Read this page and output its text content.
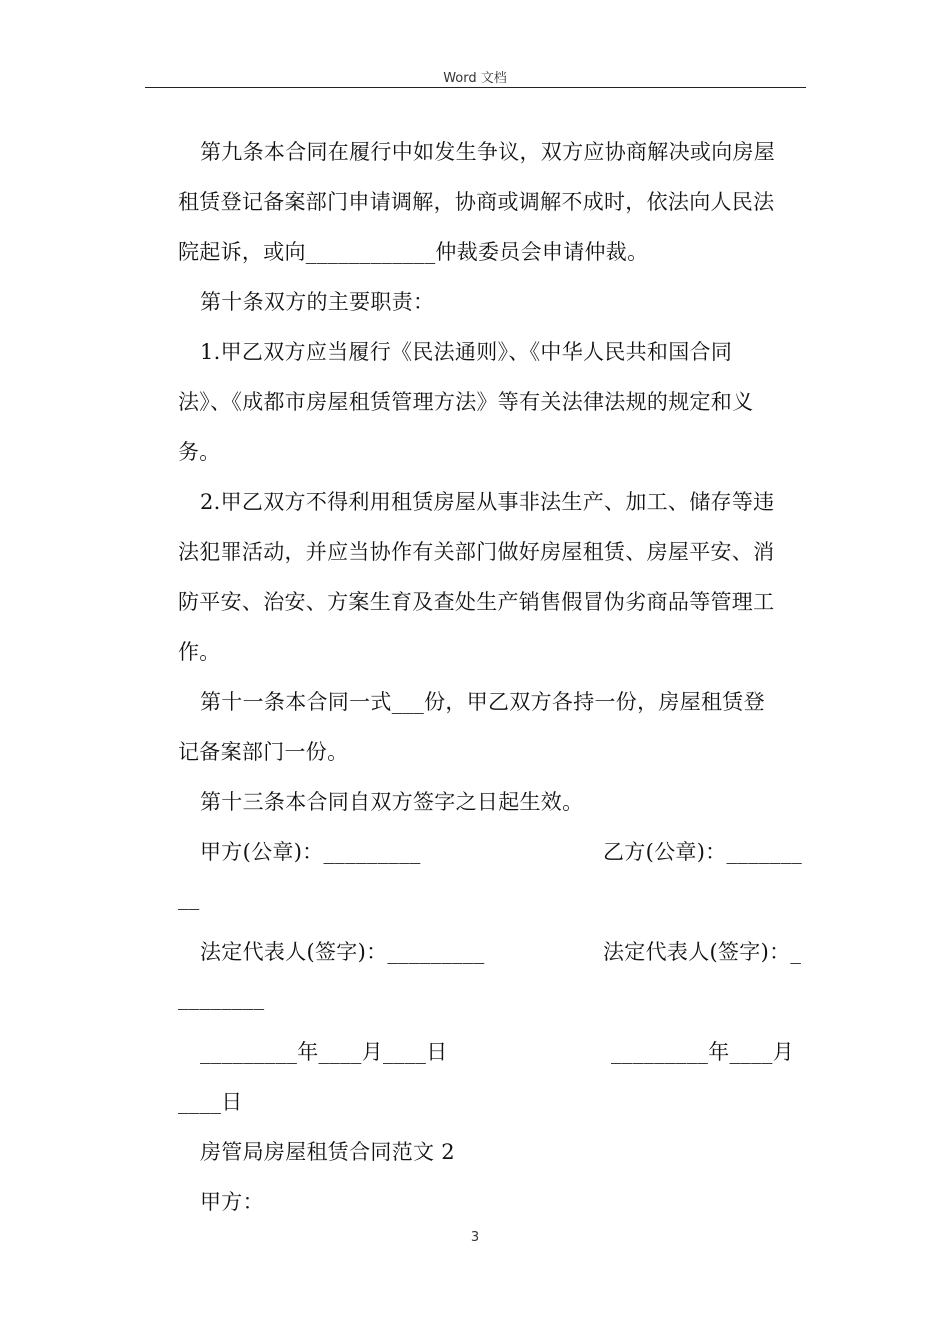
Word 文档
第九条本合同在履行中如发生争议，双方应协商解决或向房屋
租赁登记备案部门申请调解，协商或调解不成时，依法向人民法
院起诉，或向____________仲裁委员会申请仲裁。
第十条双方的主要职责：
1.甲乙双方应当履行《民法通则》、《中华人民共和国合同
法》、《成都市房屋租赁管理方法》等有关法律法规的规定和义
务。
2.甲乙双方不得利用租赁房屋从事非法生产、加工、储存等违
法犯罪活动，并应当协作有关部门做好房屋租赁、房屋平安、消
防平安、治安、方案生育及查处生产销售假冒伪劣商品等管理工
作。
第十一条本合同一式___份，甲乙双方各持一份，房屋租赁登
记备案部门一份。
第十三条本合同自双方签字之日起生效。
甲方(公章)：_________	乙方(公章)：_______
__
法定代表人(签字)：_________	法定代表人(签字)：_
________
_________年____月____日	_________年____月
____日
房管局房屋租赁合同范文 2
甲方：
3
